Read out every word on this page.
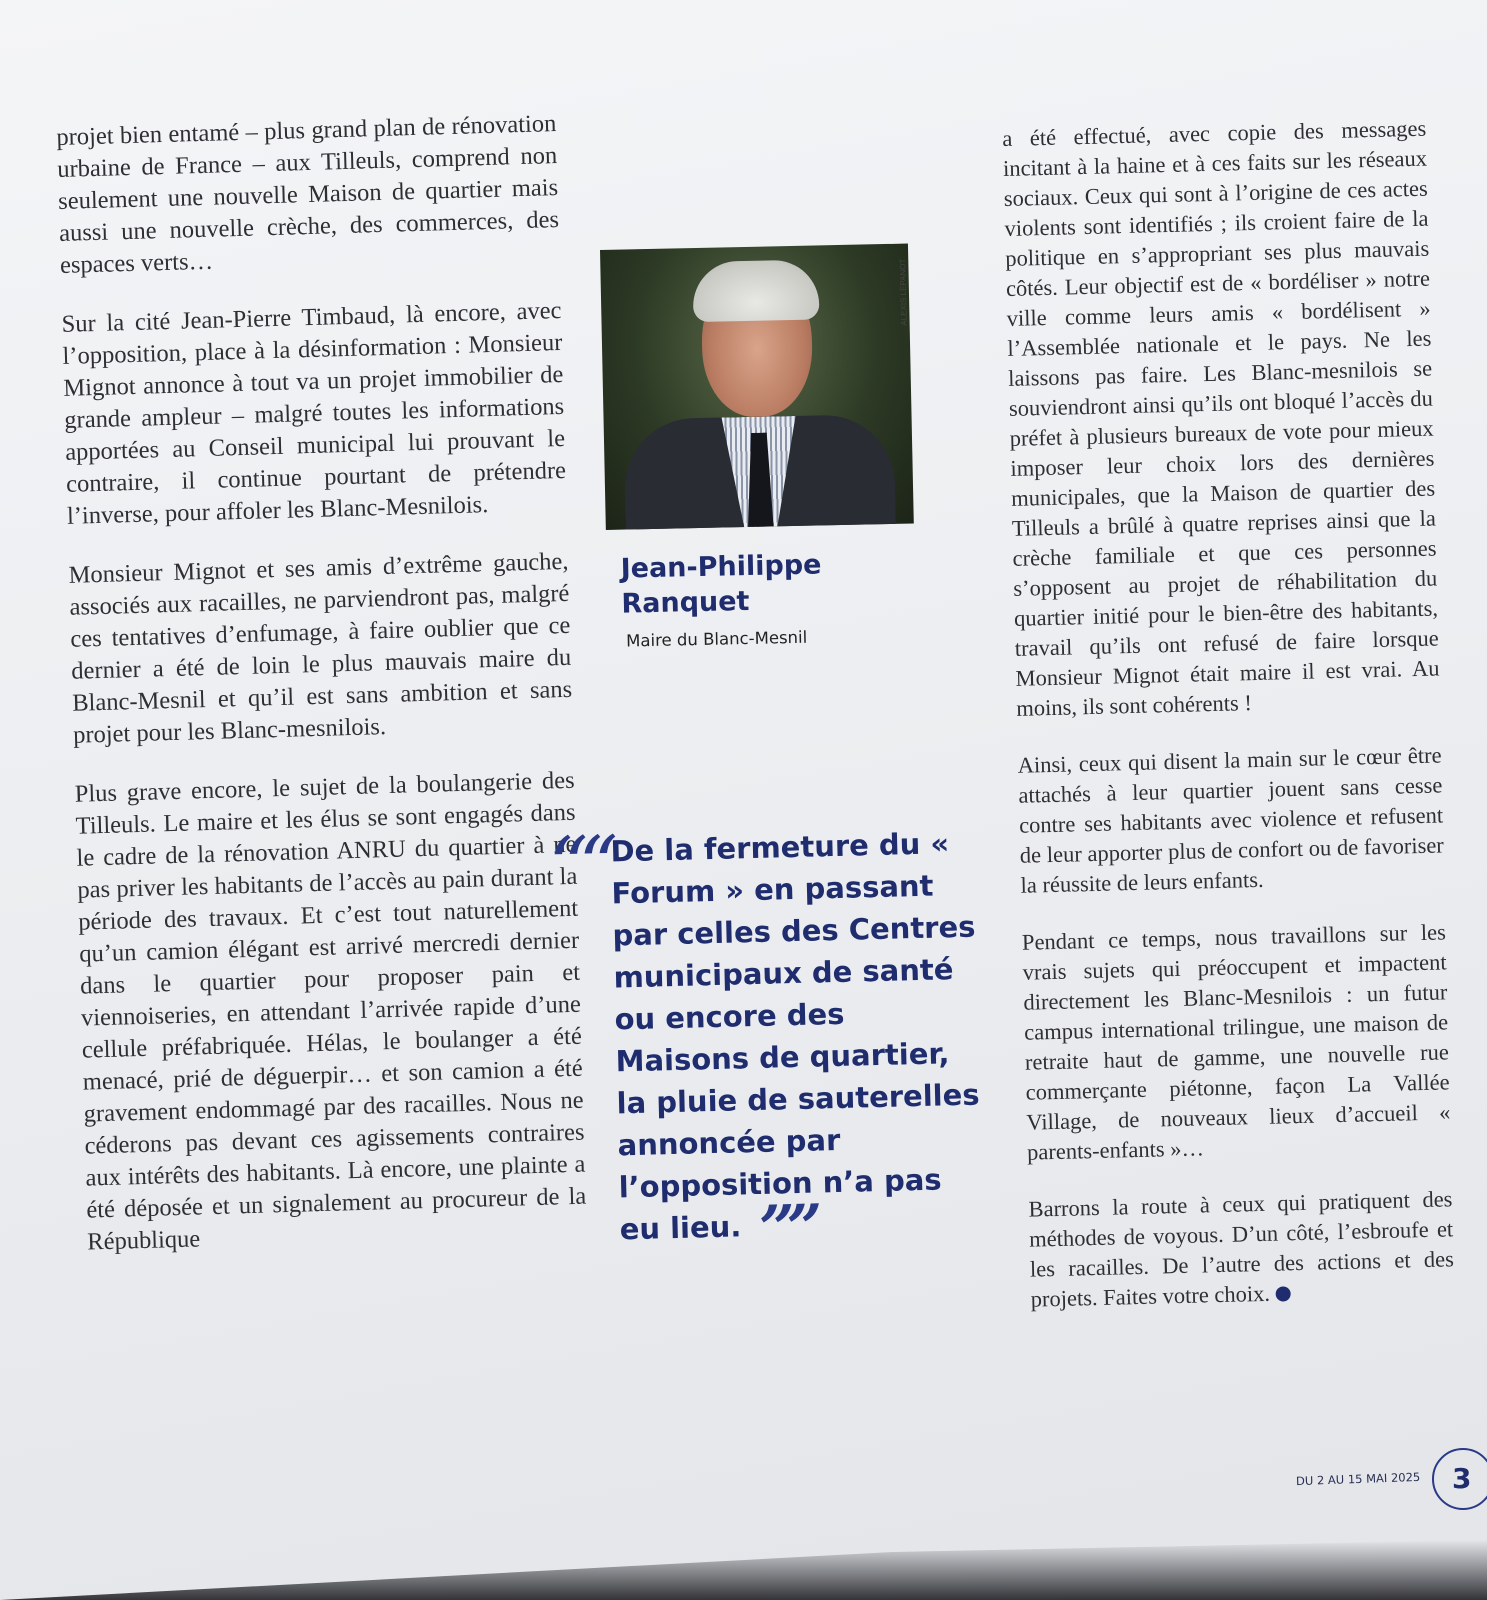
projet bien entamé – plus grand plan de rénovation urbaine de France – aux Tilleuls, comprend non seulement une nouvelle Maison de quartier mais aussi une nouvelle crèche, des commerces, des espaces verts…

Sur la cité Jean-Pierre Timbaud, là encore, avec l’opposition, place à la désinformation : Monsieur Mignot annonce à tout va un projet immobilier de grande ampleur – malgré toutes les informations apportées au Conseil municipal lui prouvant le contraire, il continue pourtant de prétendre l’inverse, pour affoler les Blanc-Mesnilois.

Monsieur Mignot et ses amis d’extrême gauche, associés aux racailles, ne parviendront pas, malgré ces tentatives d’enfumage, à faire oublier que ce dernier a été de loin le plus mauvais maire du Blanc-Mesnil et qu’il est sans ambition et sans projet pour les Blanc-mesnilois.

Plus grave encore, le sujet de la boulangerie des Tilleuls. Le maire et les élus se sont engagés dans le cadre de la rénovation ANRU du quartier à ne pas priver les habitants de l’accès au pain durant la période des travaux. Et c’est tout naturellement qu’un camion élégant est arrivé mercredi dernier dans le quartier pour proposer pain et viennoiseries, en attendant l’arrivée rapide d’une cellule préfabriquée. Hélas, le boulanger a été menacé, prié de déguerpir… et son camion a été gravement endommagé par des racailles. Nous ne céderons pas devant ces agissements contraires aux intérêts des habitants. Là encore, une plainte a été déposée et un signalement au procureur de la République

ALEXIS LEPANOT
Jean-Philippe Ranquet
Maire du Blanc-Mesnil
““ De la fermeture du « Forum » en passant par celles des Centres municipaux de santé ou encore des Maisons de quartier, la pluie de sauterelles annoncée par l’opposition n’a pas eu lieu. ””

a été effectué, avec copie des messages incitant à la haine et à ces faits sur les réseaux sociaux. Ceux qui sont à l’origine de ces actes violents sont identifiés ; ils croient faire de la politique en s’appropriant ses plus mauvais côtés. Leur objectif est de « bordéliser » notre ville comme leurs amis « bordélisent » l’Assemblée nationale et le pays. Ne les laissons pas faire. Les Blanc-mesnilois se souviendront ainsi qu’ils ont bloqué l’accès du préfet à plusieurs bureaux de vote pour mieux imposer leur choix lors des dernières municipales, que la Maison de quartier des Tilleuls a brûlé à quatre reprises ainsi que la crèche familiale et que ces personnes s’opposent au projet de réhabilitation du quartier initié pour le bien-être des habitants, travail qu’ils ont refusé de faire lorsque Monsieur Mignot était maire il est vrai. Au moins, ils sont cohérents !

Ainsi, ceux qui disent la main sur le cœur être attachés à leur quartier jouent sans cesse contre ses habitants avec violence et refusent de leur apporter plus de confort ou de favoriser la réussite de leurs enfants.

Pendant ce temps, nous travaillons sur les vrais sujets qui préoccupent et impactent directement les Blanc-Mesnilois : un futur campus international trilingue, une maison de retraite haut de gamme, une nouvelle rue commerçante piétonne, façon La Vallée Village, de nouveaux lieux d’accueil « parents-enfants »…

Barrons la route à ceux qui pratiquent des méthodes de voyous. D’un côté, l’esbroufe et les racailles. De l’autre des actions et des projets. Faites votre choix.

DU 2 AU 15 MAI 2025	3
